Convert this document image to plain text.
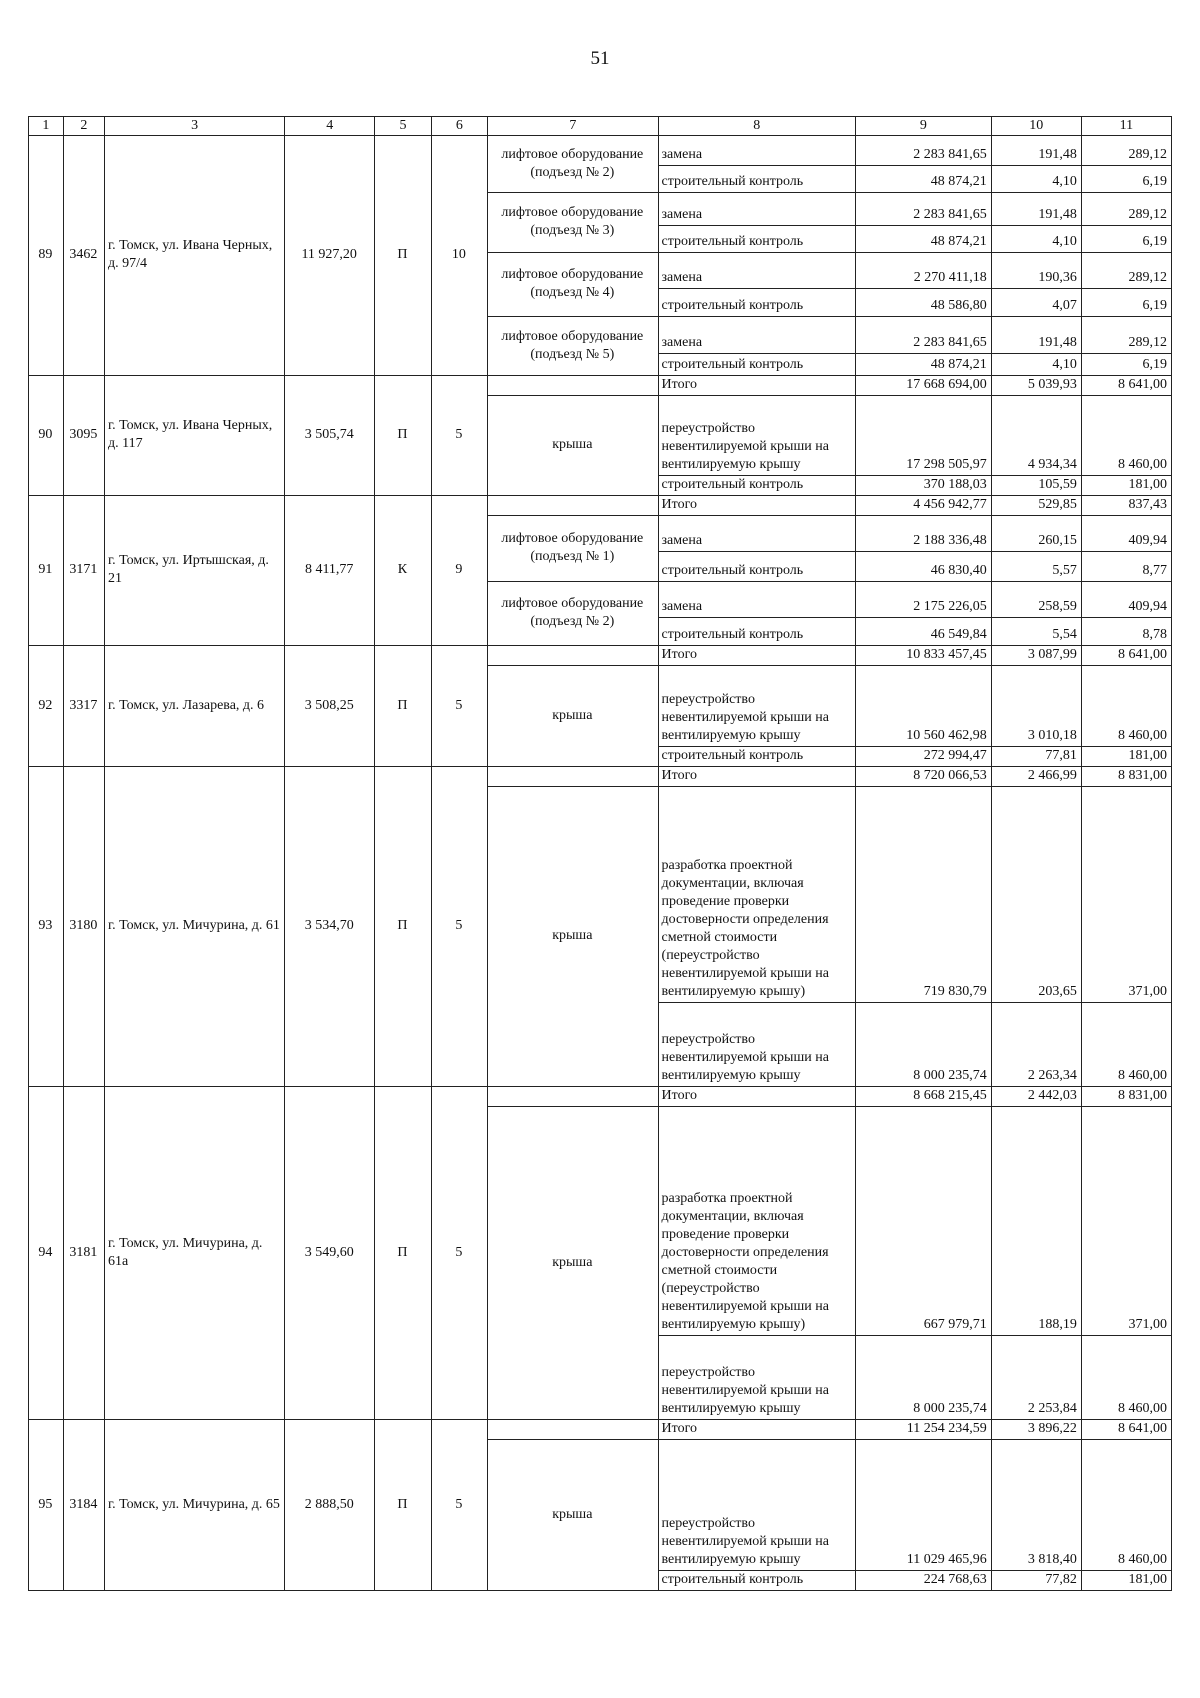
51
1	2	3	4	5	6	7	8	9	10	11
89	3462	г. Томск, ул. Ивана Черных, д. 97/4	11 927,20	П	10	лифтовое оборудование (подъезд № 2)	замена	2 283 841,65	191,48	289,12
							строительный контроль	48 874,21	4,10	6,19
						лифтовое оборудование (подъезд № 3)	замена	2 283 841,65	191,48	289,12
							строительный контроль	48 874,21	4,10	6,19
						лифтовое оборудование (подъезд № 4)	замена	2 270 411,18	190,36	289,12
							строительный контроль	48 586,80	4,07	6,19
						лифтовое оборудование (подъезд № 5)	замена	2 283 841,65	191,48	289,12
							строительный контроль	48 874,21	4,10	6,19
90	3095	г. Томск, ул. Ивана Черных, д. 117	3 505,74	П	5		Итого	17 668 694,00	5 039,93	8 641,00
						крыша	переустройство невентилируемой крыши на вентилируемую крышу	17 298 505,97	4 934,34	8 460,00
							строительный контроль	370 188,03	105,59	181,00
91	3171	г. Томск, ул. Иртышская, д. 21	8 411,77	К	9		Итого	4 456 942,77	529,85	837,43
						лифтовое оборудование (подъезд № 1)	замена	2 188 336,48	260,15	409,94
							строительный контроль	46 830,40	5,57	8,77
						лифтовое оборудование (подъезд № 2)	замена	2 175 226,05	258,59	409,94
							строительный контроль	46 549,84	5,54	8,78
92	3317	г. Томск, ул. Лазарева, д. 6	3 508,25	П	5		Итого	10 833 457,45	3 087,99	8 641,00
						крыша	переустройство невентилируемой крыши на вентилируемую крышу	10 560 462,98	3 010,18	8 460,00
							строительный контроль	272 994,47	77,81	181,00
93	3180	г. Томск, ул. Мичурина, д. 61	3 534,70	П	5		Итого	8 720 066,53	2 466,99	8 831,00
						крыша	разработка проектной документации, включая проведение проверки достоверности определения сметной стоимости (переустройство невентилируемой крыши на вентилируемую крышу)	719 830,79	203,65	371,00
							переустройство невентилируемой крыши на вентилируемую крышу	8 000 235,74	2 263,34	8 460,00
94	3181	г. Томск, ул. Мичурина, д. 61а	3 549,60	П	5		Итого	8 668 215,45	2 442,03	8 831,00
						крыша	разработка проектной документации, включая проведение проверки достоверности определения сметной стоимости (переустройство невентилируемой крыши на вентилируемую крышу)	667 979,71	188,19	371,00
							переустройство невентилируемой крыши на вентилируемую крышу	8 000 235,74	2 253,84	8 460,00
95	3184	г. Томск, ул. Мичурина, д. 65	2 888,50	П	5		Итого	11 254 234,59	3 896,22	8 641,00
						крыша	переустройство невентилируемой крыши на вентилируемую крышу	11 029 465,96	3 818,40	8 460,00
							строительный контроль	224 768,63	77,82	181,00
